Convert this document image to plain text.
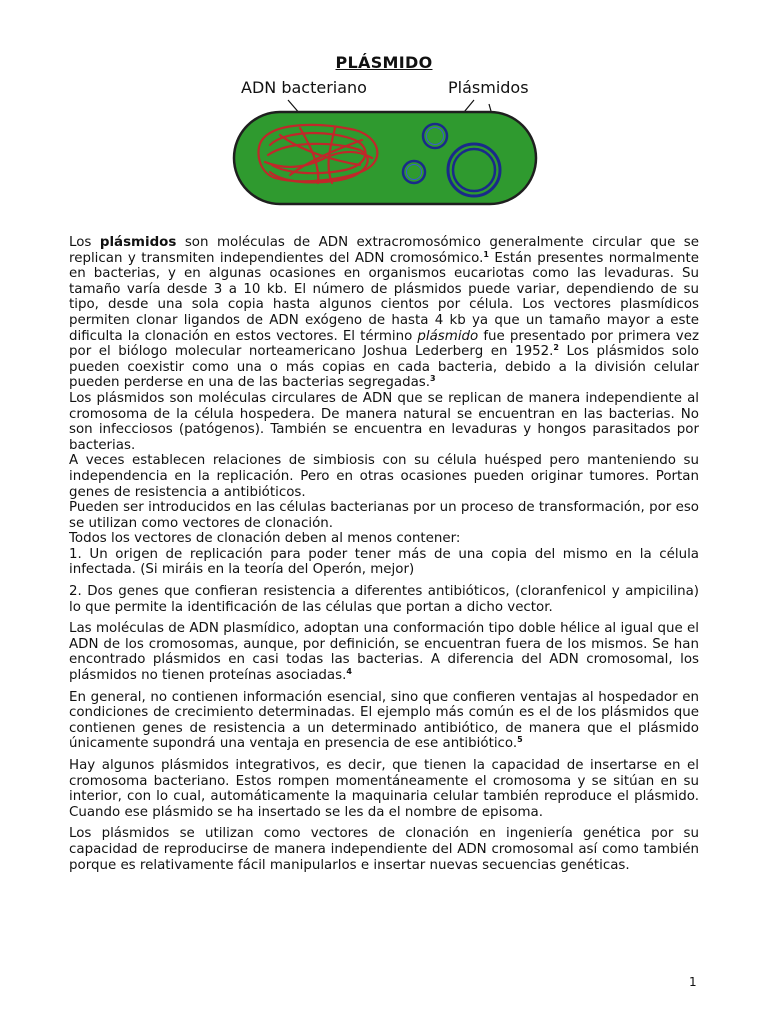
PLÁSMIDO
ADN bacteriano	Plásmidos

Los plásmidos son moléculas de ADN extracromosómico generalmente circular que se replican y transmiten independientes del ADN cromosómico.$^1$ Están presentes normalmente en bacterias, y en algunas ocasiones en organismos eucariotas como las levaduras. Su tamaño varía desde 3 a 10 kb. El número de plásmidos puede variar, dependiendo de su tipo, desde una sola copia hasta algunos cientos por célula. Los vectores plasmídicos permiten clonar ligandos de ADN exógeno de hasta 4 kb ya que un tamaño mayor a este dificulta la clonación en estos vectores. El término plásmido fue presentado por primera vez por el biólogo molecular norteamericano Joshua Lederberg en 1952.$^2$ Los plásmidos solo pueden coexistir como una o más copias en cada bacteria, debido a la división celular pueden perderse en una de las bacterias segregadas.$^3$

Los plásmidos son moléculas circulares de ADN que se replican de manera independiente al cromosoma de la célula hospedera. De manera natural se encuentran en las bacterias. No son infecciosos (patógenos). También se encuentra en levaduras y hongos parasitados por bacterias.

A veces establecen relaciones de simbiosis con su célula huésped pero manteniendo su independencia en la replicación. Pero en otras ocasiones pueden originar tumores. Portan genes de resistencia a antibióticos.

Pueden ser introducidos en las células bacterianas por un proceso de transformación, por eso se utilizan como vectores de clonación.

Todos los vectores de clonación deben al menos contener:

1. Un origen de replicación para poder tener más de una copia del mismo en la célula infectada. (Si miráis en la teoría del Operón, mejor)

2. Dos genes que confieran resistencia a diferentes antibióticos, (cloranfenicol y ampicilina) lo que permite la identificación de las células que portan a dicho vector.

Las moléculas de ADN plasmídico, adoptan una conformación tipo doble hélice al igual que el ADN de los cromosomas, aunque, por definición, se encuentran fuera de los mismos. Se han encontrado plásmidos en casi todas las bacterias. A diferencia del ADN cromosomal, los plásmidos no tienen proteínas asociadas.$^4$

En general, no contienen información esencial, sino que confieren ventajas al hospedador en condiciones de crecimiento determinadas. El ejemplo más común es el de los plásmidos que contienen genes de resistencia a un determinado antibiótico, de manera que el plásmido únicamente supondrá una ventaja en presencia de ese antibiótico.$^5$

Hay algunos plásmidos integrativos, es decir, que tienen la capacidad de insertarse en el cromosoma bacteriano. Estos rompen momentáneamente el cromosoma y se sitúan en su interior, con lo cual, automáticamente la maquinaria celular también reproduce el plásmido. Cuando ese plásmido se ha insertado se les da el nombre de episoma.

Los plásmidos se utilizan como vectores de clonación en ingeniería genética por su capacidad de reproducirse de manera independiente del ADN cromosomal así como también porque es relativamente fácil manipularlos e insertar nuevas secuencias genéticas.

1
